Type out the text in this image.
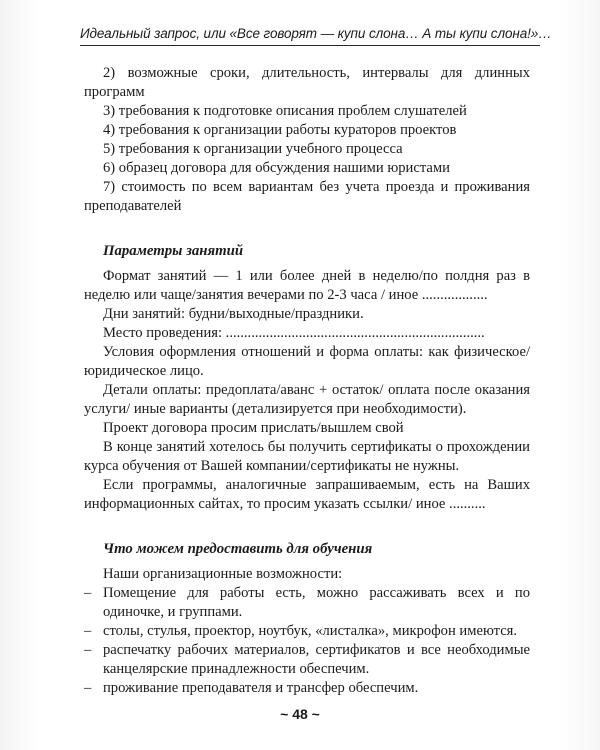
Идеальный запрос, или «Все говорят — купи слона… А ты купи слона!»…

2) возможные сроки, длительность, интервалы для длинных программ

3) требования к подготовке описания проблем слушателей

4) требования к организации работы кураторов проектов

5) требования к организации учебного процесса

6) образец договора для обсуждения нашими юристами

7) стоимость по всем вариантам без учета проезда и проживания преподавателей

Параметры занятий

Формат занятий — 1 или более дней в неделю/по полдня раз в неделю или чаще/занятия вечерами по 2-3 часа / иное ..................

Дни занятий: будни/выходные/праздники.

Место проведения: .......................................................................

Условия оформления отношений и форма оплаты: как физическое/юридическое лицо.

Детали оплаты: предоплата/аванс + остаток/ оплата после оказания услуги/ иные варианты (детализируется при необходимости).

Проект договора просим прислать/вышлем свой

В конце занятий хотелось бы получить сертификаты о прохождении курса обучения от Вашей компании/сертификаты не нужны.

Если программы, аналогичные запрашиваемым, есть на Ваших информационных сайтах, то просим указать ссылки/ иное ..........

Что можем предоставить для обучения

Наши организационные возможности:

– Помещение для работы есть, можно рассаживать всех и по одиночке, и группами.
– столы, стулья, проектор, ноутбук, «листалка», микрофон имеются.
– распечатку рабочих материалов, сертификатов и все необходимые канцелярские принадлежности обеспечим.
– проживание преподавателя и трансфер обеспечим.
~ 48 ~
